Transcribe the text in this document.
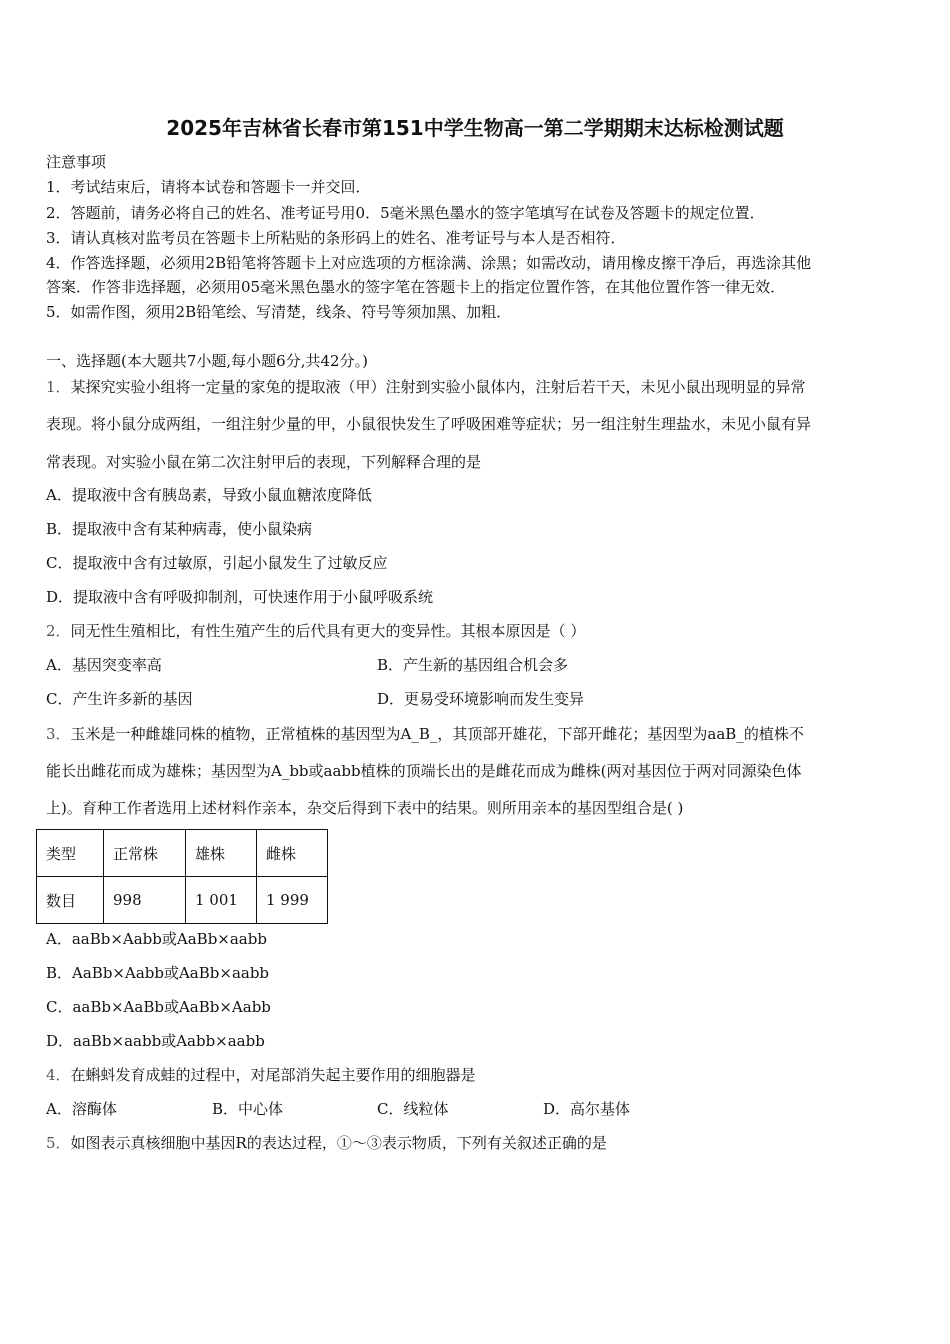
2025年吉林省长春市第151中学生物高一第二学期期末达标检测试题
注意事项
1．考试结束后，请将本试卷和答题卡一并交回．
2．答题前，请务必将自己的姓名、准考证号用0．5毫米黑色墨水的签字笔填写在试卷及答题卡的规定位置．
3．请认真核对监考员在答题卡上所粘贴的条形码上的姓名、准考证号与本人是否相符．
4．作答选择题，必须用2B铅笔将答题卡上对应选项的方框涂满、涂黑；如需改动，请用橡皮擦干净后，再选涂其他
答案．作答非选择题，必须用05毫米黑色墨水的签字笔在答题卡上的指定位置作答，在其他位置作答一律无效．
5．如需作图，须用2B铅笔绘、写清楚，线条、符号等须加黑、加粗．
一、选择题(本大题共7小题,每小题6分,共42分。)
1．某探究实验小组将一定量的家兔的提取液（甲）注射到实验小鼠体内，注射后若干天，未见小鼠出现明显的异常
表现。将小鼠分成两组，一组注射少量的甲，小鼠很快发生了呼吸困难等症状；另一组注射生理盐水，未见小鼠有异
常表现。对实验小鼠在第二次注射甲后的表现，下列解释合理的是
A．提取液中含有胰岛素，导致小鼠血糖浓度降低
B．提取液中含有某种病毒，使小鼠染病
C．提取液中含有过敏原，引起小鼠发生了过敏反应
D．提取液中含有呼吸抑制剂，可快速作用于小鼠呼吸系统
2．同无性生殖相比，有性生殖产生的后代具有更大的变异性。其根本原因是（ ）
A．基因突变率高	B．产生新的基因组合机会多
C．产生许多新的基因	D．更易受环境影响而发生变异
3．玉米是一种雌雄同株的植物，正常植株的基因型为A_B_，其顶部开雄花，下部开雌花；基因型为aaB_的植株不
能长出雌花而成为雄株；基因型为A_bb或aabb植株的顶端长出的是雌花而成为雌株(两对基因位于两对同源染色体
上)。育种工作者选用上述材料作亲本，杂交后得到下表中的结果。则所用亲本的基因型组合是( )
类型	正常株	雄株	雌株
数目	998	1 001	1 999
A．aaBb×Aabb或AaBb×aabb
B．AaBb×Aabb或AaBb×aabb
C．aaBb×AaBb或AaBb×Aabb
D．aaBb×aabb或Aabb×aabb
4．在蝌蚪发育成蛙的过程中，对尾部消失起主要作用的细胞器是
A．溶酶体	B．中心体	C．线粒体	D．高尔基体
5．如图表示真核细胞中基因R的表达过程，①～③表示物质，下列有关叙述正确的是
